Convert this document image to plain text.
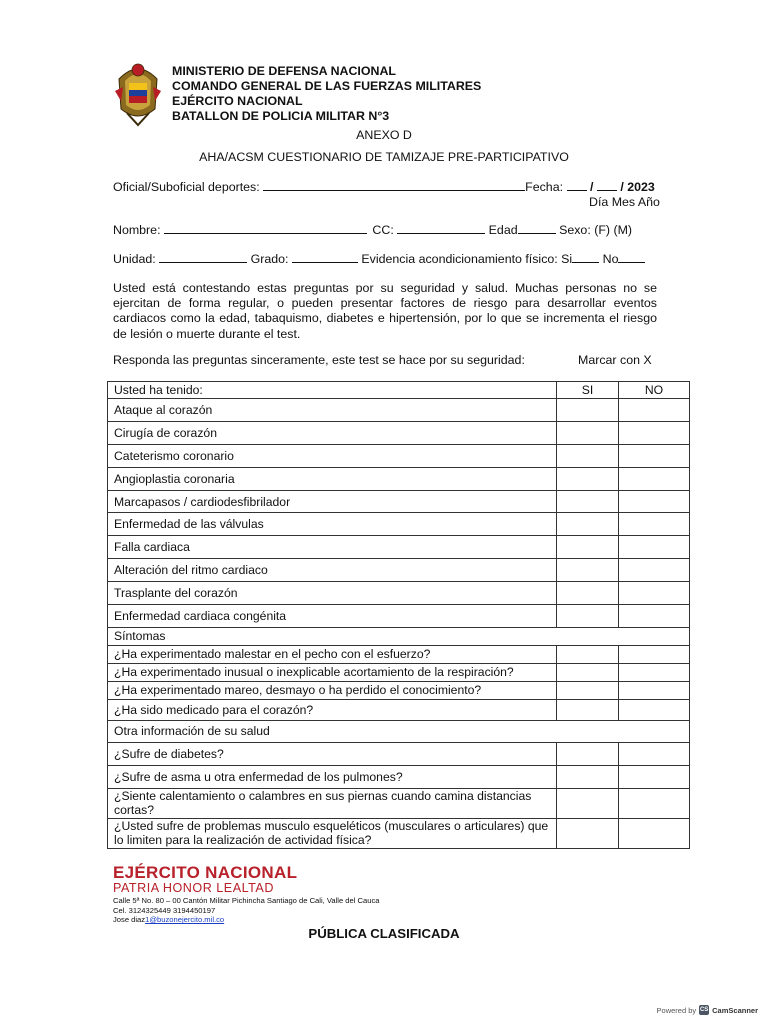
MINISTERIO DE DEFENSA NACIONAL
COMANDO GENERAL DE LAS FUERZAS MILITARES
EJÉRCITO NACIONAL
BATALLON DE POLICIA MILITAR N°3
ANEXO D
AHA/ACSM CUESTIONARIO DE TAMIZAJE PRE-PARTICIPATIVO
Oficial/Suboficial deportes:	Fecha: / / 2023
Día Mes Año
Nombre:	CC:	Edad	Sexo: (F) (M)
Unidad:	Grado:	Evidencia acondicionamiento físico: Si No
Usted está contestando estas preguntas por su seguridad y salud. Muchas personas no se ejercitan de forma regular, o pueden presentar factores de riesgo para desarrollar eventos cardiacos como la edad, tabaquismo, diabetes e hipertensión, por lo que se incrementa el riesgo de lesión o muerte durante el test.
Responda las preguntas sinceramente, este test se hace por su seguridad:	Marcar con X
Usted ha tenido:	SI	NO
Ataque al corazón		
Cirugía de corazón		
Cateterismo coronario		
Angioplastia coronaria		
Marcapasos / cardiodesfibrilador		
Enfermedad de las válvulas		
Falla cardiaca		
Alteración del ritmo cardiaco		
Trasplante del corazón		
Enfermedad cardiaca congénita		
Síntomas		
¿Ha experimentado malestar en el pecho con el esfuerzo?		
¿Ha experimentado inusual o inexplicable acortamiento de la respiración?		
¿Ha experimentado mareo, desmayo o ha perdido el conocimiento?		
¿Ha sido medicado para el corazón?		
Otra información de su salud		
¿Sufre de diabetes?		
¿Sufre de asma u otra enfermedad de los pulmones?		
¿Siente calentamiento o calambres en sus piernas cuando camina distancias cortas?		
¿Usted sufre de problemas musculo esqueléticos (musculares o articulares) que lo limiten para la realización de actividad física?		
EJÉRCITO NACIONAL
PATRIA HONOR LEALTAD
Calle 5ª No. 80 – 00 Cantón Militar Pichincha Santiago de Cali, Valle del Cauca
Cel. 3124325449 3194450197
Jose diaz1@buzonejercito.mil.co
PÚBLICA CLASIFICADA
Powered by CS CamScanner
